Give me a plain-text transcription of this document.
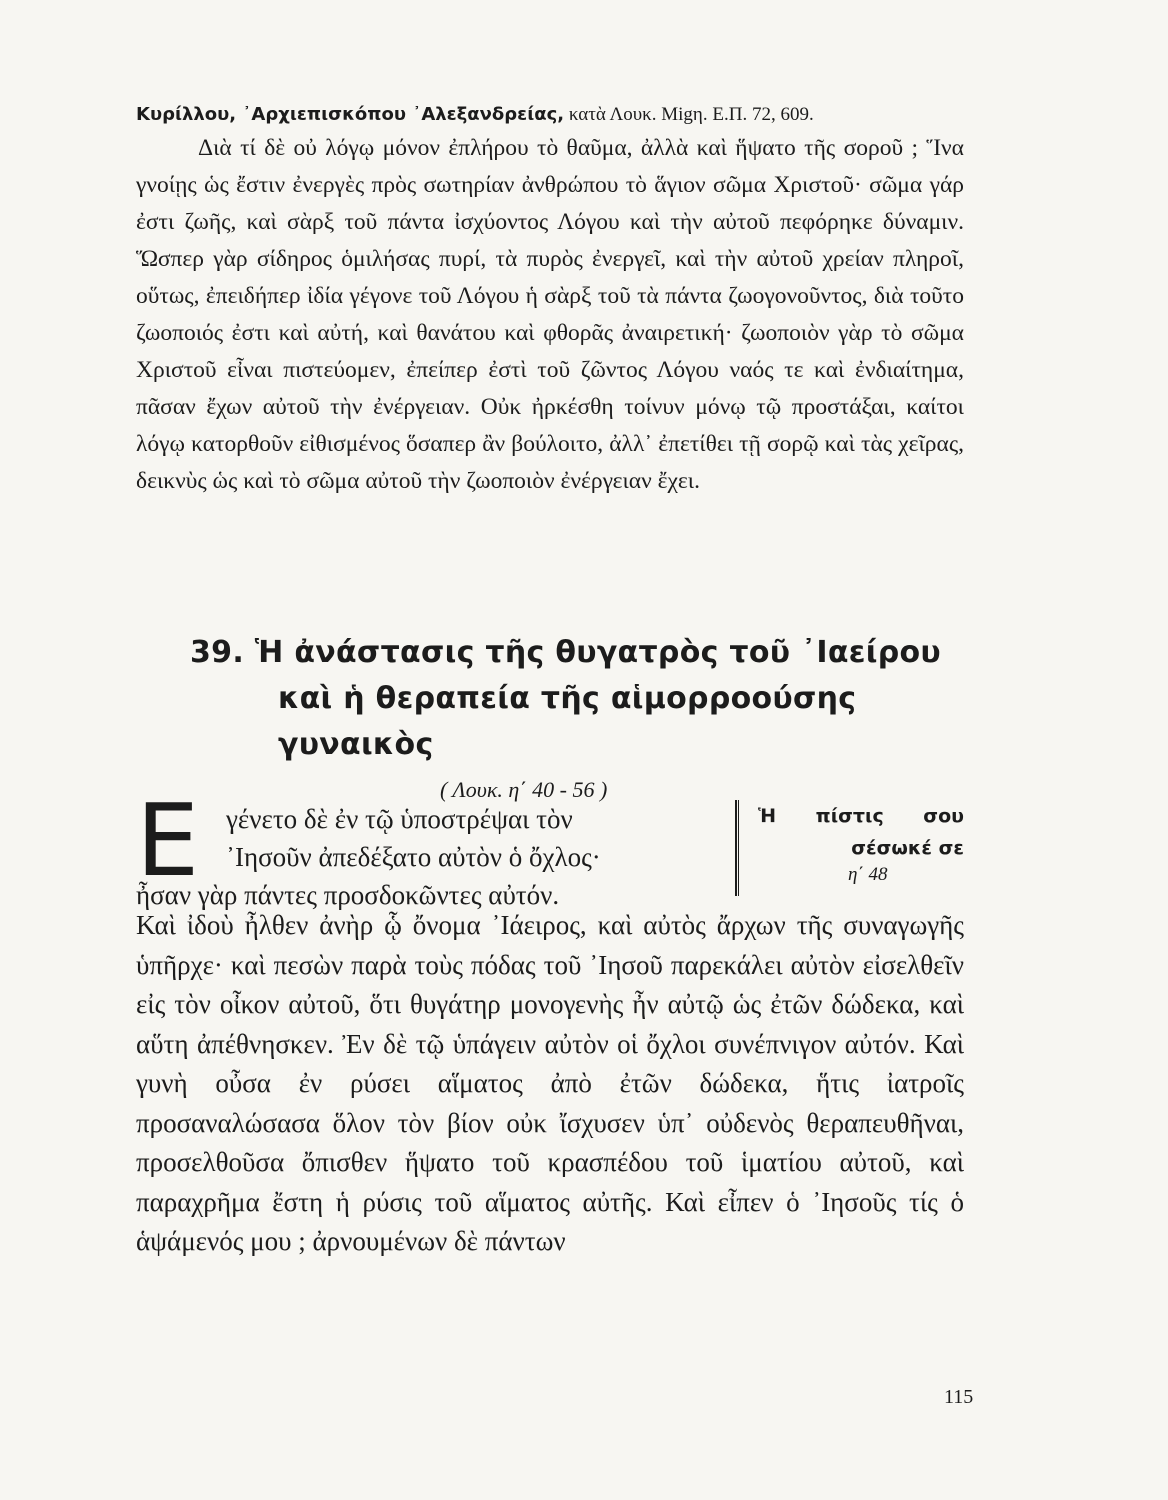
Κυρίλλου, ᾿Αρχιεπισκόπου ᾿Αλεξανδρείας, κατὰ Λουκ. Migη. Ε.Π. 72, 609.

Διὰ τί δὲ οὐ λόγῳ μόνον ἐπλήρου τὸ θαῦμα, ἀλλὰ καὶ ἥψατο τῆς σοροῦ ; Ἵνα γνοίῃς ὡς ἔστιν ἐνεργὲς πρὸς σωτηρίαν ἀνθρώπου τὸ ἅγιον σῶμα Χριστοῦ· σῶμα γάρ ἐστι ζωῆς, καὶ σὰρξ τοῦ πάντα ἰσχύοντος Λόγου καὶ τὴν αὐτοῦ πεφόρηκε δύναμιν. Ὥσπερ γὰρ σίδηρος ὁμιλήσας πυρί, τὰ πυρὸς ἐνεργεῖ, καὶ τὴν αὐτοῦ χρείαν πληροῖ, οὕτως, ἐπειδήπερ ἰδία γέγονε τοῦ Λόγου ἡ σὰρξ τοῦ τὰ πάντα ζωογονοῦντος, διὰ τοῦτο ζωοποιός ἐστι καὶ αὐτή, καὶ θανάτου καὶ φθορᾶς ἀναιρετική· ζωοποιὸν γὰρ τὸ σῶμα Χριστοῦ εἶναι πιστεύομεν, ἐπείπερ ἐστὶ τοῦ ζῶντος Λόγου ναός τε καὶ ἐνδιαίτημα, πᾶσαν ἔχων αὐτοῦ τὴν ἐνέργειαν. Οὐκ ἠρκέσθη τοίνυν μόνῳ τῷ προστάξαι, καίτοι λόγῳ κατορθοῦν εἰθισμένος ὅσαπερ ἂν βούλοιτο, ἀλλ᾿ ἐπετίθει τῇ σορῷ καὶ τὰς χεῖρας, δεικνὺς ὡς καὶ τὸ σῶμα αὐτοῦ τὴν ζωοποιὸν ἐνέργειαν ἔχει.

39. Ἡ ἀνάστασις τῆς θυγατρὸς τοῦ ᾿Ιαείρου

καὶ ἡ θεραπεία τῆς αἱμορροούσης γυναικὸς

( Λουκ. η΄ 40 - 56 )

Ε γένετο δὲ ἐν τῷ ὑποστρέψαι τὸν

᾿Ιησοῦν ἀπεδέξατο αὐτὸν ὁ ὄχλος·

ἦσαν γὰρ πάντες προσδοκῶντες αὐτόν.

Ἡ πίστις σου
σέσωκέ σε

η΄ 48

Καὶ ἰδοὺ ἦλθεν ἀνὴρ ᾧ ὄνομα ᾿Ιάειρος, καὶ αὐτὸς ἄρχων τῆς συναγωγῆς ὑπῆρχε· καὶ πεσὼν παρὰ τοὺς πόδας τοῦ ᾿Ιησοῦ παρεκάλει αὐτὸν εἰσελθεῖν εἰς τὸν οἶκον αὐτοῦ, ὅτι θυγάτηρ μονογενὴς ἦν αὐτῷ ὡς ἐτῶν δώδεκα, καὶ αὕτη ἀπέθνησκεν. Ἐν δὲ τῷ ὑπάγειν αὐτὸν οἱ ὄχλοι συνέπνιγον αὐτόν. Καὶ γυνὴ οὖσα ἐν ρύσει αἵματος ἀπὸ ἐτῶν δώδεκα, ἥτις ἰατροῖς προσαναλώσασα ὅλον τὸν βίον οὐκ ἴσχυσεν ὑπ᾿ οὐδενὸς θεραπευθῆναι, προσελθοῦσα ὄπισθεν ἥψατο τοῦ κρασπέδου τοῦ ἱματίου αὐτοῦ, καὶ παραχρῆμα ἔστη ἡ ρύσις τοῦ αἵματος αὐτῆς. Καὶ εἶπεν ὁ ᾿Ιησοῦς τίς ὁ ἁψάμενός μου ; ἀρνουμένων δὲ πάντων

115
